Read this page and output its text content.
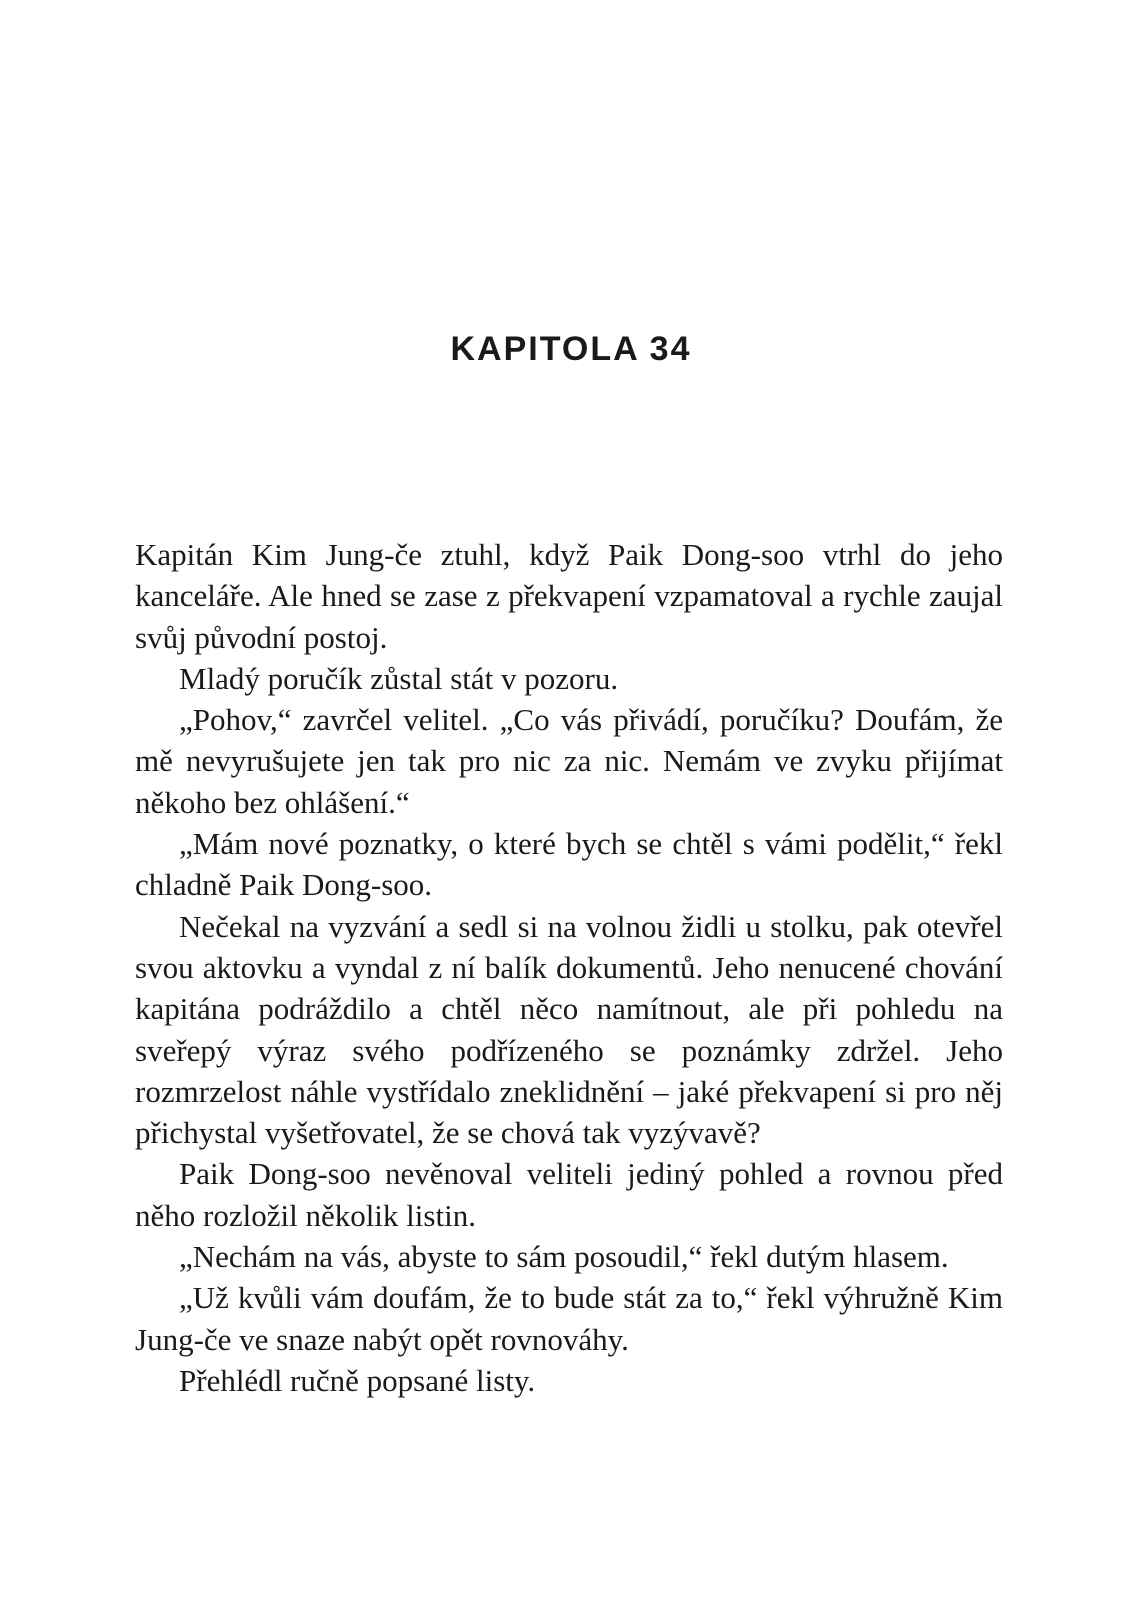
KAPITOLA 34

Kapitán Kim Jung-če ztuhl, když Paik Dong-soo vtrhl do jeho kanceláře. Ale hned se zase z překvapení vzpamatoval a rychle zaujal svůj původní postoj.

Mladý poručík zůstal stát v pozoru.

„Pohov,“ zavrčel velitel. „Co vás přivádí, poručíku? Doufám, že mě nevyrušujete jen tak pro nic za nic. Nemám ve zvyku přijímat někoho bez ohlášení.“

„Mám nové poznatky, o které bych se chtěl s vámi podělit,“ řekl chladně Paik Dong-soo.

Nečekal na vyzvání a sedl si na volnou židli u stolku, pak otevřel svou aktovku a vyndal z ní balík dokumentů. Jeho nenucené chování kapitána podráždilo a chtěl něco namítnout, ale při pohledu na sveřepý výraz svého podřízeného se poznámky zdržel. Jeho rozmrzelost náhle vystřídalo zneklidnění – jaké překvapení si pro něj přichystal vyšetřovatel, že se chová tak vyzývavě?

Paik Dong-soo nevěnoval veliteli jediný pohled a rovnou před něho rozložil několik listin.

„Nechám na vás, abyste to sám posoudil,“ řekl dutým hlasem.

„Už kvůli vám doufám, že to bude stát za to,“ řekl výhružně Kim Jung-če ve snaze nabýt opět rovnováhy.

Přehlédl ručně popsané listy.
